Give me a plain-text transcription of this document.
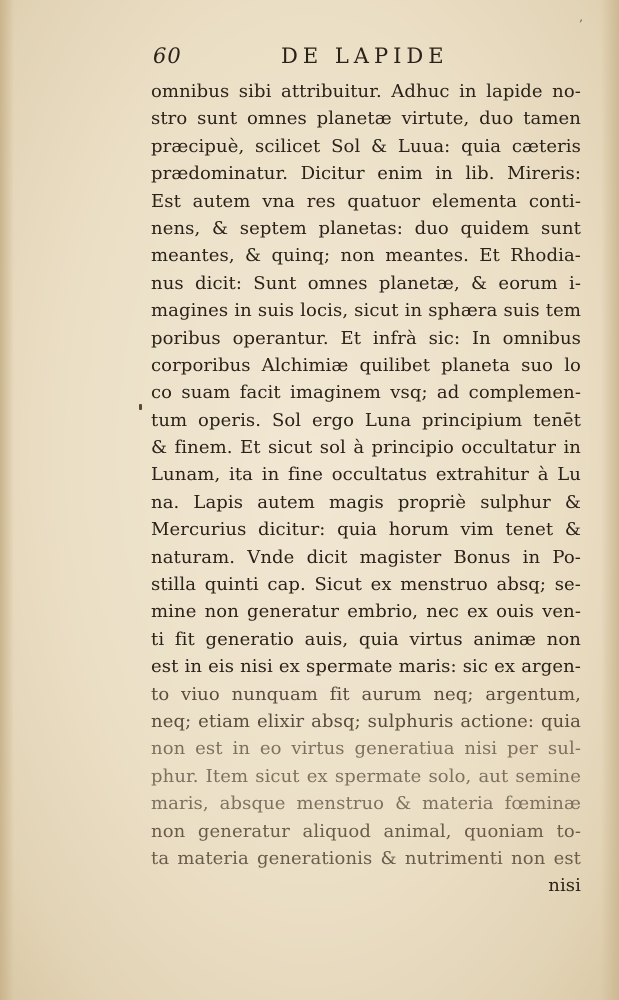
‚
60	DE LAPIDE
omnibus sibi attribuitur. Adhuc in lapide no-
stro sunt omnes planetæ virtute, duo tamen
præcipuè, scilicet Sol & Luua: quia cæteris
prædominatur. Dicitur enim in lib. Mireris:
Est autem vna res quatuor elementa conti-
nens, & septem planetas: duo quidem sunt
meantes, & quinq; non meantes. Et Rhodia-
nus dicit: Sunt omnes planetæ, & eorum i-
magines in suis locis, sicut in sphæra suis tem
poribus operantur. Et infrà sic: In omnibus
corporibus Alchimiæ quilibet planeta suo lo
co suam facit imaginem vsq; ad complemen-
tum operis. Sol ergo Luna principium tenēt
& finem. Et sicut sol à principio occultatur in
Lunam, ita in fine occultatus extrahitur à Lu
na. Lapis autem magis propriè sulphur &
Mercurius dicitur: quia horum vim tenet &
naturam. Vnde dicit magister Bonus in Po-
stilla quinti cap. Sicut ex menstruo absq; se-
mine non generatur embrio, nec ex ouis ven-
ti fit generatio auis, quia virtus animæ non
est in eis nisi ex spermate maris: sic ex argen-
to viuo nunquam fit aurum neq; argentum,
neq; etiam elixir absq; sulphuris actione: quia
non est in eo virtus generatiua nisi per sul-
phur. Item sicut ex spermate solo, aut semine
maris, absque menstruo & materia fœminæ
non generatur aliquod animal, quoniam to-
ta materia generationis & nutrimenti non est
nisi
